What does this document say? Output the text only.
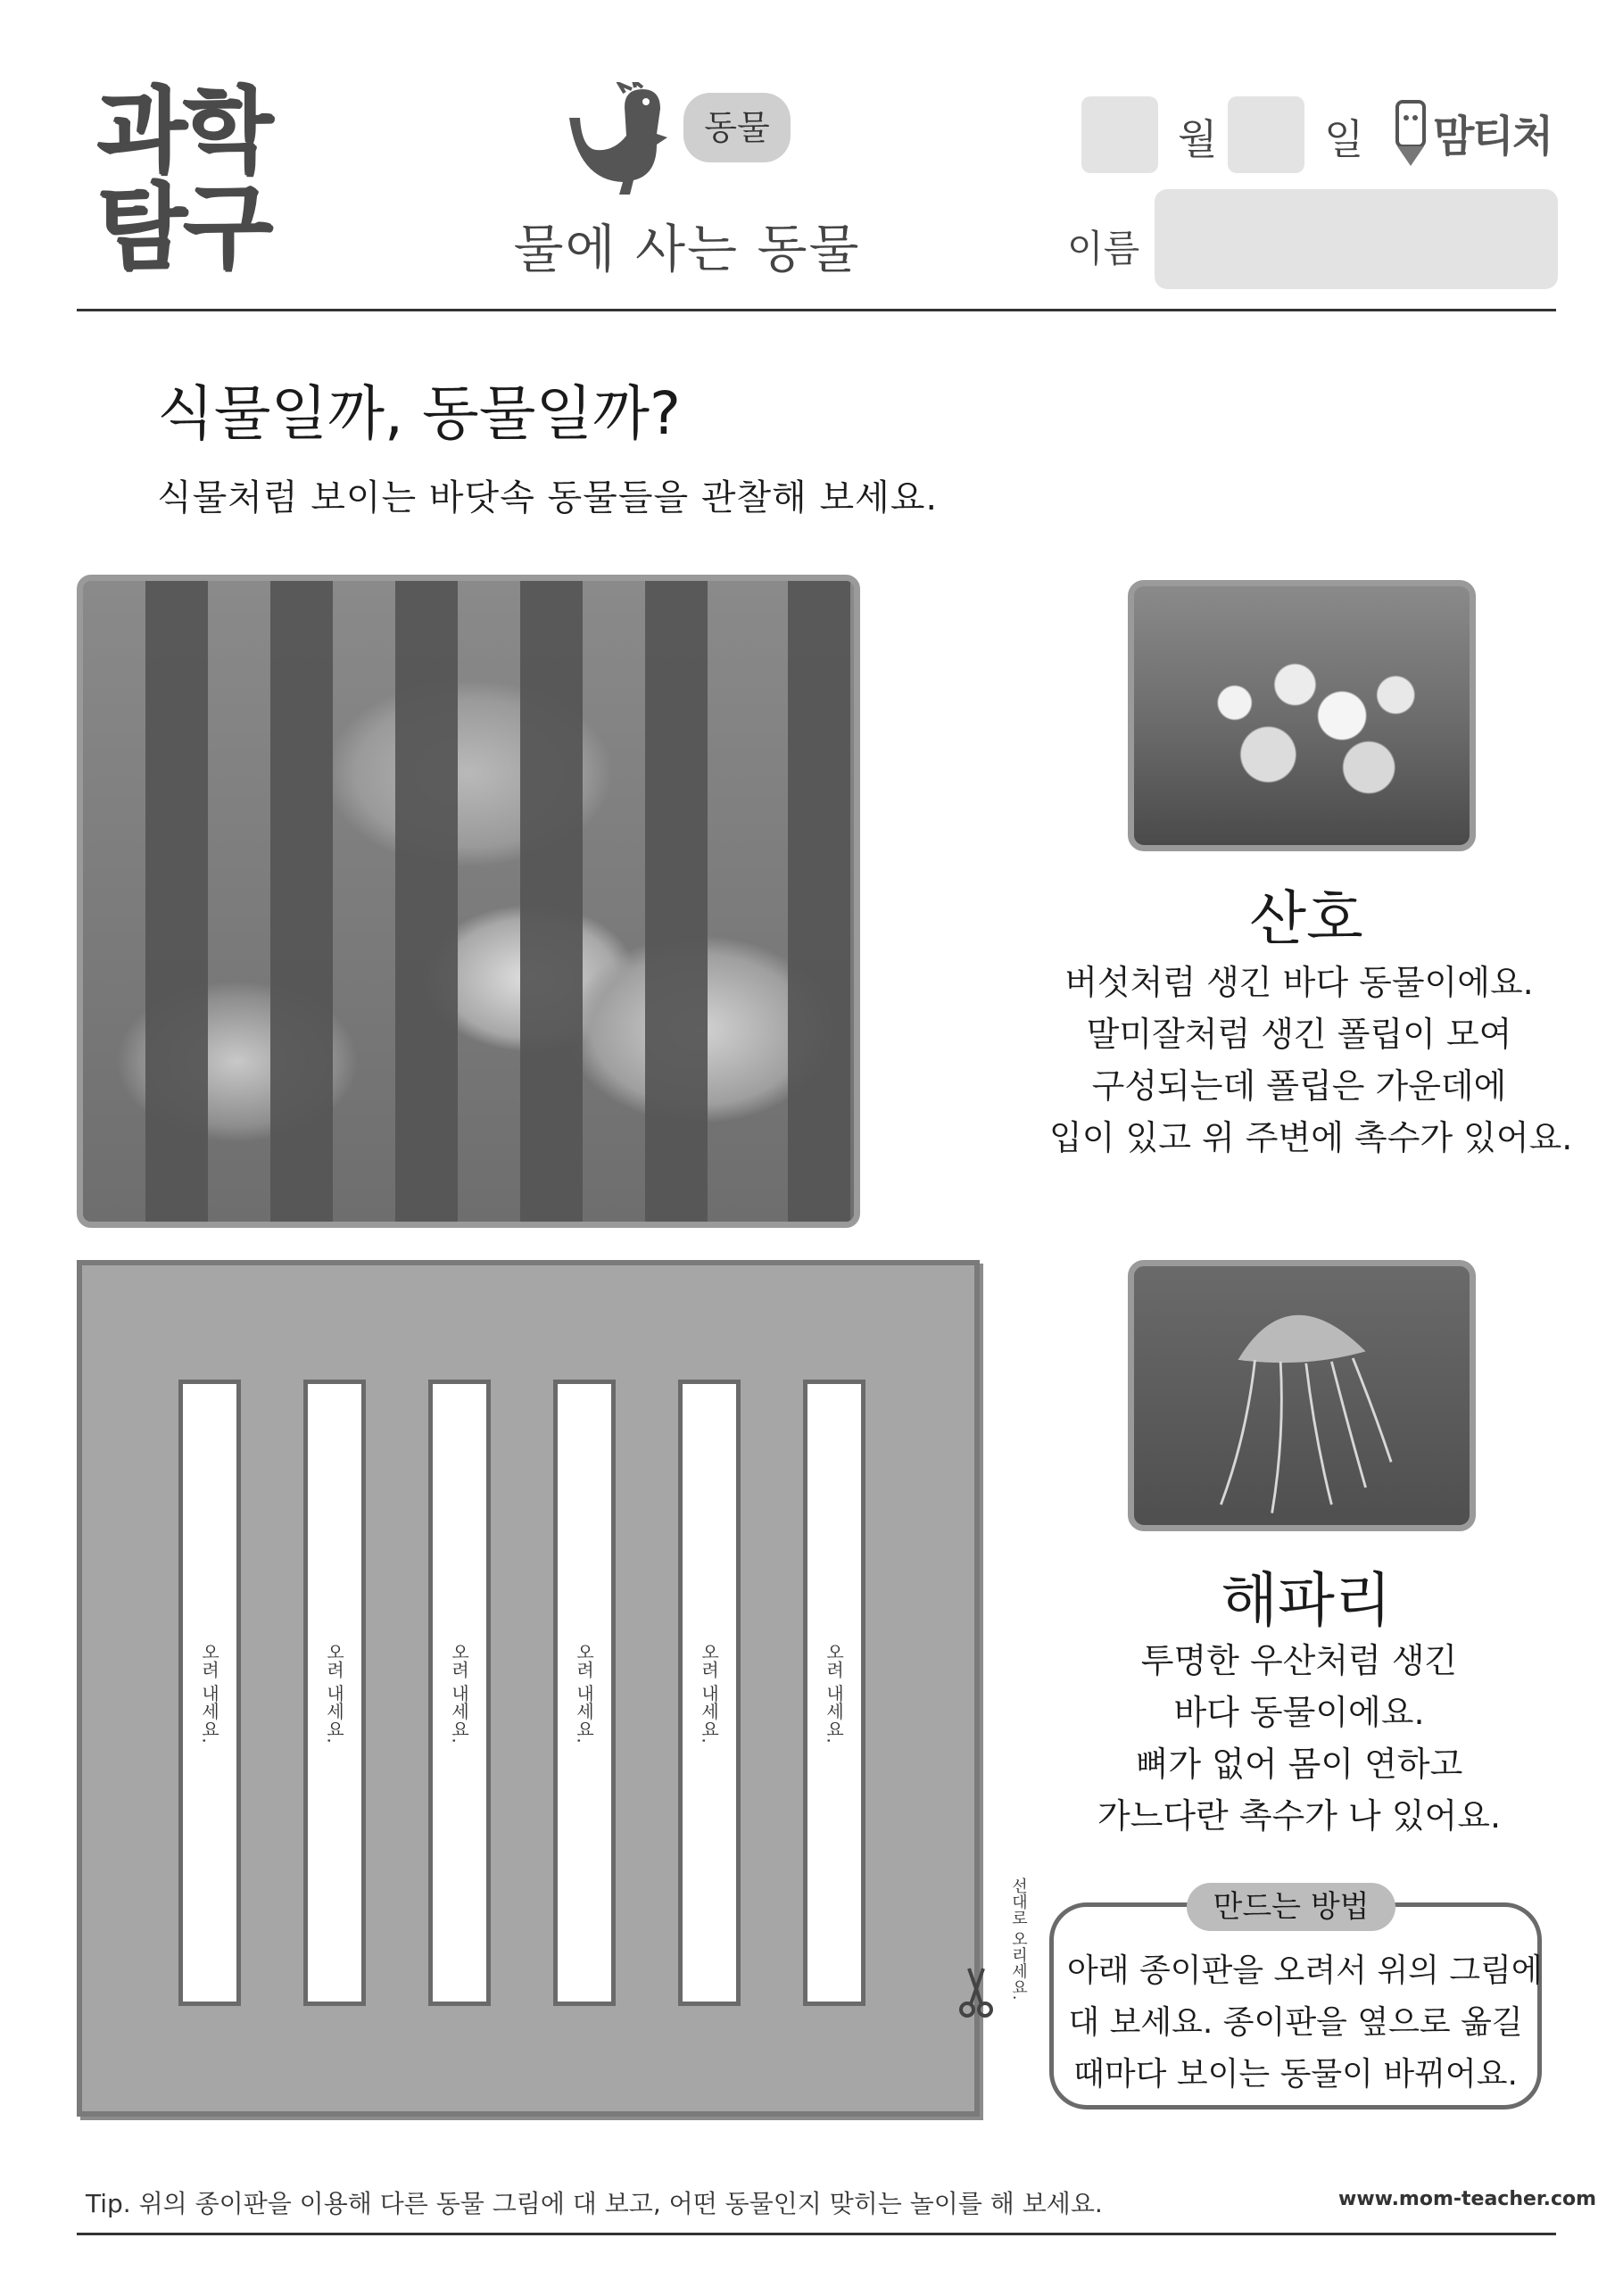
과학
탐구
동물
물에 사는 동물
월	일 맘티처
이름
식물일까, 동물일까?
식물처럼 보이는 바닷속 동물들을 관찰해 보세요.
오려 내세요.	오려 내세요.	오려 내세요.	오려 내세요.	오려 내세요.	오려 내세요.
선대로 오리세요.
산호
버섯처럼 생긴 바다 동물이에요.
말미잘처럼 생긴 폴립이 모여
구성되는데 폴립은 가운데에
입이 있고 위 주변에 촉수가 있어요.
해파리
투명한 우산처럼 생긴
바다 동물이에요.
뼈가 없어 몸이 연하고
가느다란 촉수가 나 있어요.
만드는 방법
아래 종이판을 오려서 위의 그림에
대 보세요. 종이판을 옆으로 옮길
때마다 보이는 동물이 바뀌어요.
Tip. 위의 종이판을 이용해 다른 동물 그림에 대 보고, 어떤 동물인지 맞히는 놀이를 해 보세요.	www.mom-teacher.com
